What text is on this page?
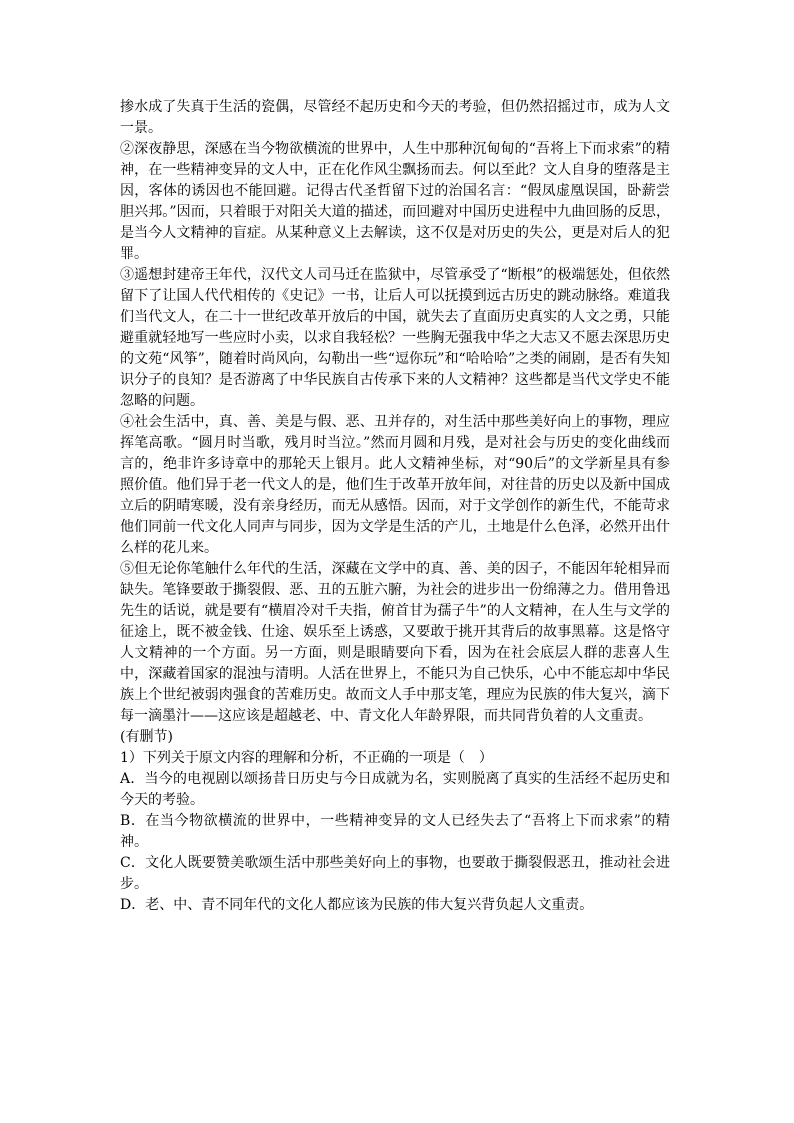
掺水成了失真于生活的瓷偶，尽管经不起历史和今天的考验，但仍然招摇过市，成为人文一景。

②深夜静思，深感在当今物欲横流的世界中，人生中那种沉甸甸的“吾将上下而求索”的精神，在一些精神变异的文人中，正在化作风尘飘扬而去。何以至此？文人自身的堕落是主因，客体的诱因也不能回避。记得古代圣哲留下过的治国名言：“假凤虚凰误国，卧薪尝胆兴邦。”因而，只着眼于对阳关大道的描述，而回避对中国历史进程中九曲回肠的反思，是当今人文精神的盲症。从某种意义上去解读，这不仅是对历史的失公，更是对后人的犯罪。

③遥想封建帝王年代，汉代文人司马迁在监狱中，尽管承受了“断根”的极端惩处，但依然留下了让国人代代相传的《史记》一书，让后人可以抚摸到远古历史的跳动脉络。难道我们当代文人，在二十一世纪改革开放后的中国，就失去了直面历史真实的人文之勇，只能避重就轻地写一些应时小卖，以求自我轻松？一些胸无强我中华之大志又不愿去深思历史的文苑“风筝”，随着时尚风向，勾勒出一些“逗你玩”和“哈哈哈”之类的闹剧，是否有失知识分子的良知？是否游离了中华民族自古传承下来的人文精神？这些都是当代文学史不能忽略的问题。

④社会生活中，真、善、美是与假、恶、丑并存的，对生活中那些美好向上的事物，理应挥笔高歌。“圆月时当歌，残月时当泣。”然而月圆和月残，是对社会与历史的变化曲线而言的，绝非许多诗章中的那轮天上银月。此人文精神坐标，对“90后”的文学新星具有参照价值。他们异于老一代文人的是，他们生于改革开放年间，对往昔的历史以及新中国成立后的阴晴寒暖，没有亲身经历，而无从感悟。因而，对于文学创作的新生代，不能苛求他们同前一代文化人同声与同步，因为文学是生活的产儿，土地是什么色泽，必然开出什么样的花儿来。

⑤但无论你笔触什么年代的生活，深藏在文学中的真、善、美的因子，不能因年轮相异而缺失。笔锋要敢于撕裂假、恶、丑的五脏六腑，为社会的进步出一份绵薄之力。借用鲁迅先生的话说，就是要有“横眉冷对千夫指，俯首甘为孺子牛”的人文精神，在人生与文学的征途上，既不被金钱、仕途、娱乐至上诱惑，又要敢于挑开其背后的故事黑幕。这是恪守人文精神的一个方面。另一方面，则是眼睛要向下看，因为在社会底层人群的悲喜人生中，深藏着国家的混浊与清明。人活在世界上，不能只为自己快乐，心中不能忘却中华民族上个世纪被弱肉强食的苦难历史。故而文人手中那支笔，理应为民族的伟大复兴，滴下每一滴墨汁——这应该是超越老、中、青文化人年龄界限，而共同背负着的人文重责。

(有删节)

1）下列关于原文内容的理解和分析，不正确的一项是（　）

A．当今的电视剧以颂扬昔日历史与今日成就为名，实则脱离了真实的生活经不起历史和今天的考验。

B．在当今物欲横流的世界中，一些精神变异的文人已经失去了“吾将上下而求索”的精神。

C．文化人既要赞美歌颂生活中那些美好向上的事物，也要敢于撕裂假恶丑，推动社会进步。

D．老、中、青不同年代的文化人都应该为民族的伟大复兴背负起人文重责。
